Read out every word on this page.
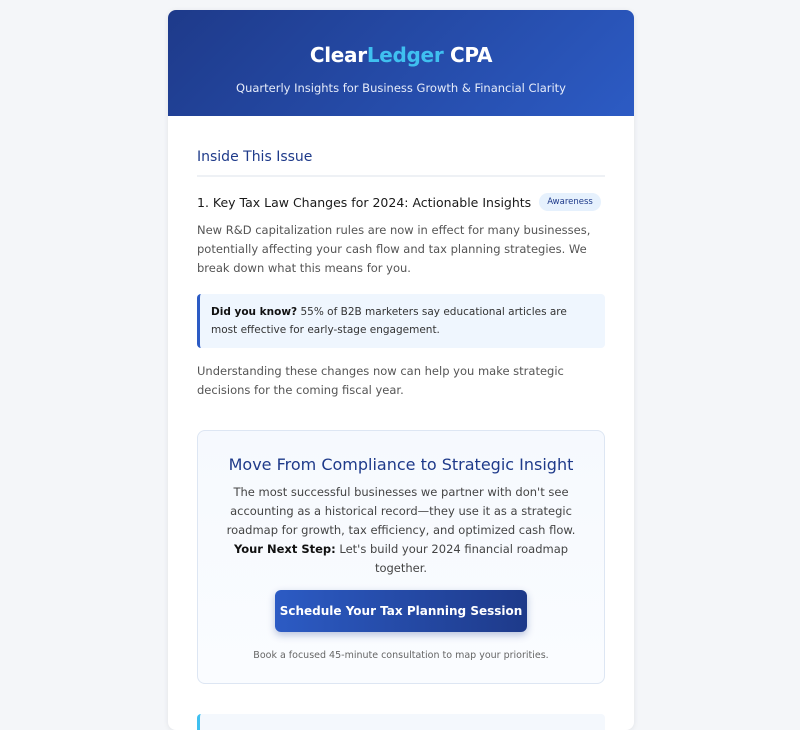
ClearLedger CPA
Quarterly Insights for Business Growth & Financial Clarity
Inside This Issue
1. Key Tax Law Changes for 2024: Actionable Insights	Awareness

New R&D capitalization rules are now in effect for many businesses, potentially affecting your cash flow and tax planning strategies. We break down what this means for you.

Did you know? 55% of B2B marketers say educational articles are most effective for early-stage engagement.

Understanding these changes now can help you make strategic decisions for the coming fiscal year.

Move From Compliance to Strategic Insight

The most successful businesses we partner with don't see accounting as a historical record—they use it as a strategic roadmap for growth, tax efficiency, and optimized cash flow.
Your Next Step: Let's build your 2024 financial roadmap together.

Schedule Your Tax Planning Session
Book a focused 45-minute consultation to map your priorities.
